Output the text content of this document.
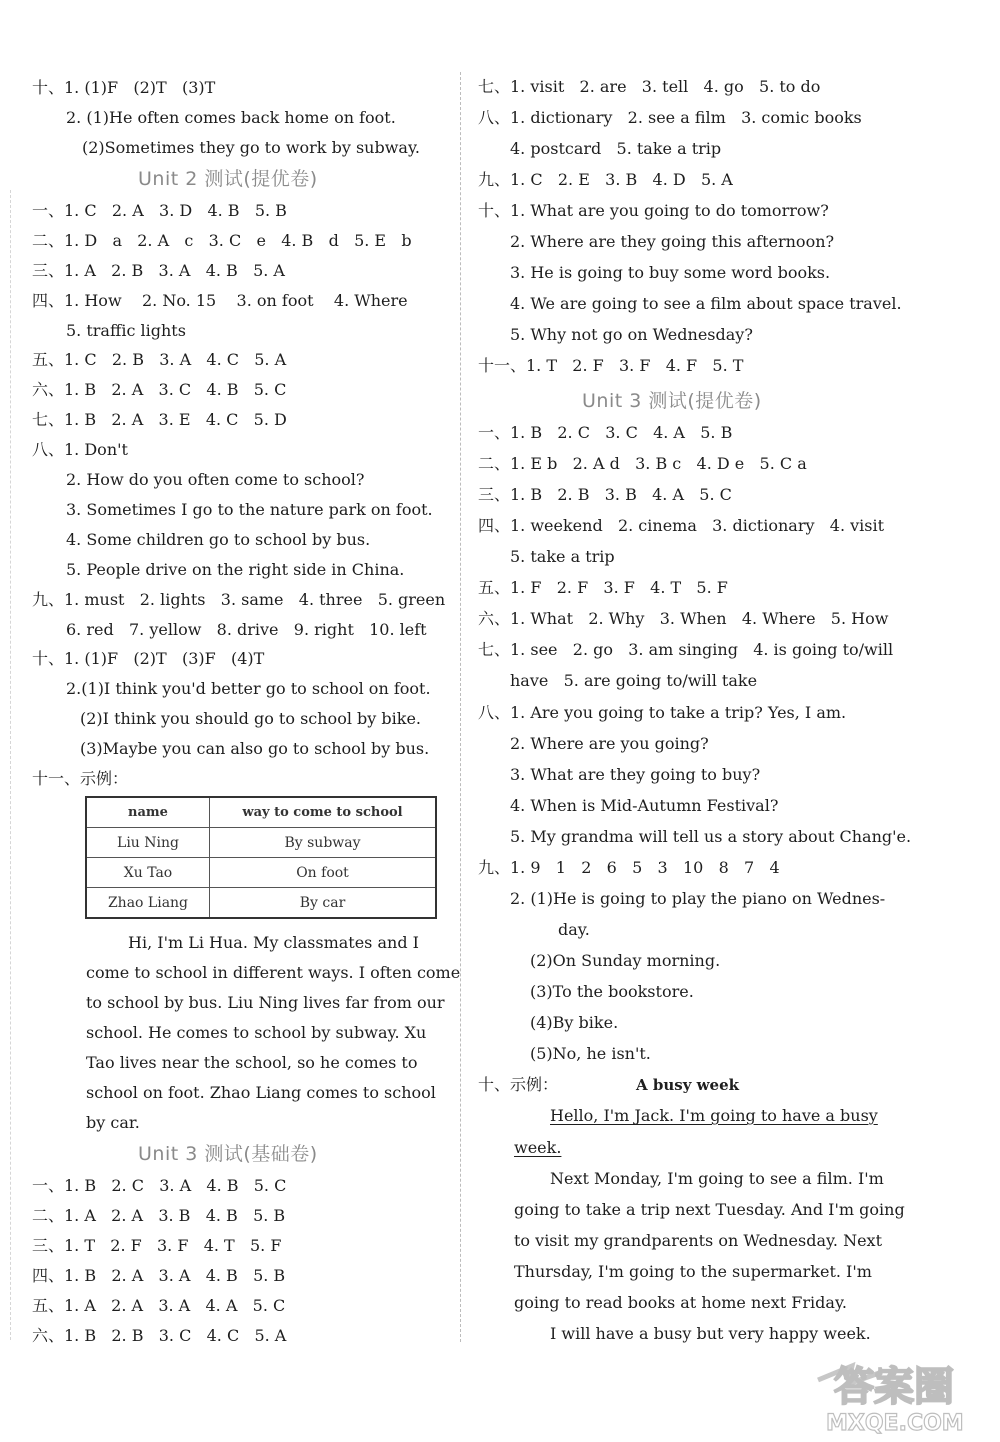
十、1. (1)F   (2)T   (3)T
2. (1)He often comes back home on foot.
(2)Sometimes they go to work by subway.
一、1. C   2. A   3. D   4. B   5. B
二、1. D   a   2. A   c   3. C   e   4. B   d   5. E   b
三、1. A   2. B   3. A   4. B   5. A
四、1. How    2. No. 15    3. on foot    4. Where
5. traffic lights
五、1. C   2. B   3. A   4. C   5. A
六、1. B   2. A   3. C   4. B   5. C
七、1. B   2. A   3. E   4. C   5. D
八、1. Don't
2. How do you often come to school?
3. Sometimes I go to the nature park on foot.
4. Some children go to school by bus.
5. People drive on the right side in China.
九、1. must   2. lights   3. same   4. three   5. green
6. red   7. yellow   8. drive   9. right   10. left
十、1. (1)F   (2)T   (3)F   (4)T
2.(1)I think you'd better go to school on foot.
(2)I think you should go to school by bike.
(3)Maybe you can also go to school by bus.
十一、示例：
Hi, I'm Li Hua. My classmates and I
come to school in different ways. I often come
to school by bus. Liu Ning lives far from our
school. He comes to school by subway. Xu
Tao lives near the school, so he comes to
school on foot. Zhao Liang comes to school
by car.
一、1. B   2. C   3. A   4. B   5. C
二、1. A   2. A   3. B   4. B   5. B
三、1. T   2. F   3. F   4. T   5. F
四、1. B   2. A   3. A   4. B   5. B
五、1. A   2. A   3. A   4. A   5. C
六、1. B   2. B   3. C   4. C   5. A
Unit 2 测试(提优卷)
Unit 3 测试(基础卷)
name	way to come to school
Liu Ning	By subway
Xu Tao	On foot
Zhao Liang	By car
A busy week
Hello, I'm Jack. I'm going to have a busy
week.
七、1. visit   2. are   3. tell   4. go   5. to do
八、1. dictionary   2. see a film   3. comic books
4. postcard   5. take a trip
九、1. C   2. E   3. B   4. D   5. A
十、1. What are you going to do tomorrow?
2. Where are they going this afternoon?
3. He is going to buy some word books.
4. We are going to see a film about space travel.
5. Why not go on Wednesday?
十一、1. T   2. F   3. F   4. F   5. T
一、1. B   2. C   3. C   4. A   5. B
二、1. E b   2. A d   3. B c   4. D e   5. C a
三、1. B   2. B   3. B   4. A   5. C
四、1. weekend   2. cinema   3. dictionary   4. visit
5. take a trip
五、1. F   2. F   3. F   4. T   5. F
六、1. What   2. Why   3. When   4. Where   5. How
七、1. see   2. go   3. am singing   4. is going to/will
have   5. are going to/will take
八、1. Are you going to take a trip? Yes, I am.
2. Where are you going?
3. What are they going to buy?
4. When is Mid-Autumn Festival?
5. My grandma will tell us a story about Chang'e.
九、1. 9   1   2   6   5   3   10   8   7   4
2. (1)He is going to play the piano on Wednes-
day.
(2)On Sunday morning.
(3)To the bookstore.
(4)By bike.
(5)No, he isn't.
十、示例：
Next Monday, I'm going to see a film. I'm
going to take a trip next Tuesday. And I'm going
to visit my grandparents on Wednesday. Next
Thursday, I'm going to the supermarket. I'm
going to read books at home next Friday.
I will have a busy but very happy week.
Unit 3 测试(提优卷)
答案圈
MXQE.COM
